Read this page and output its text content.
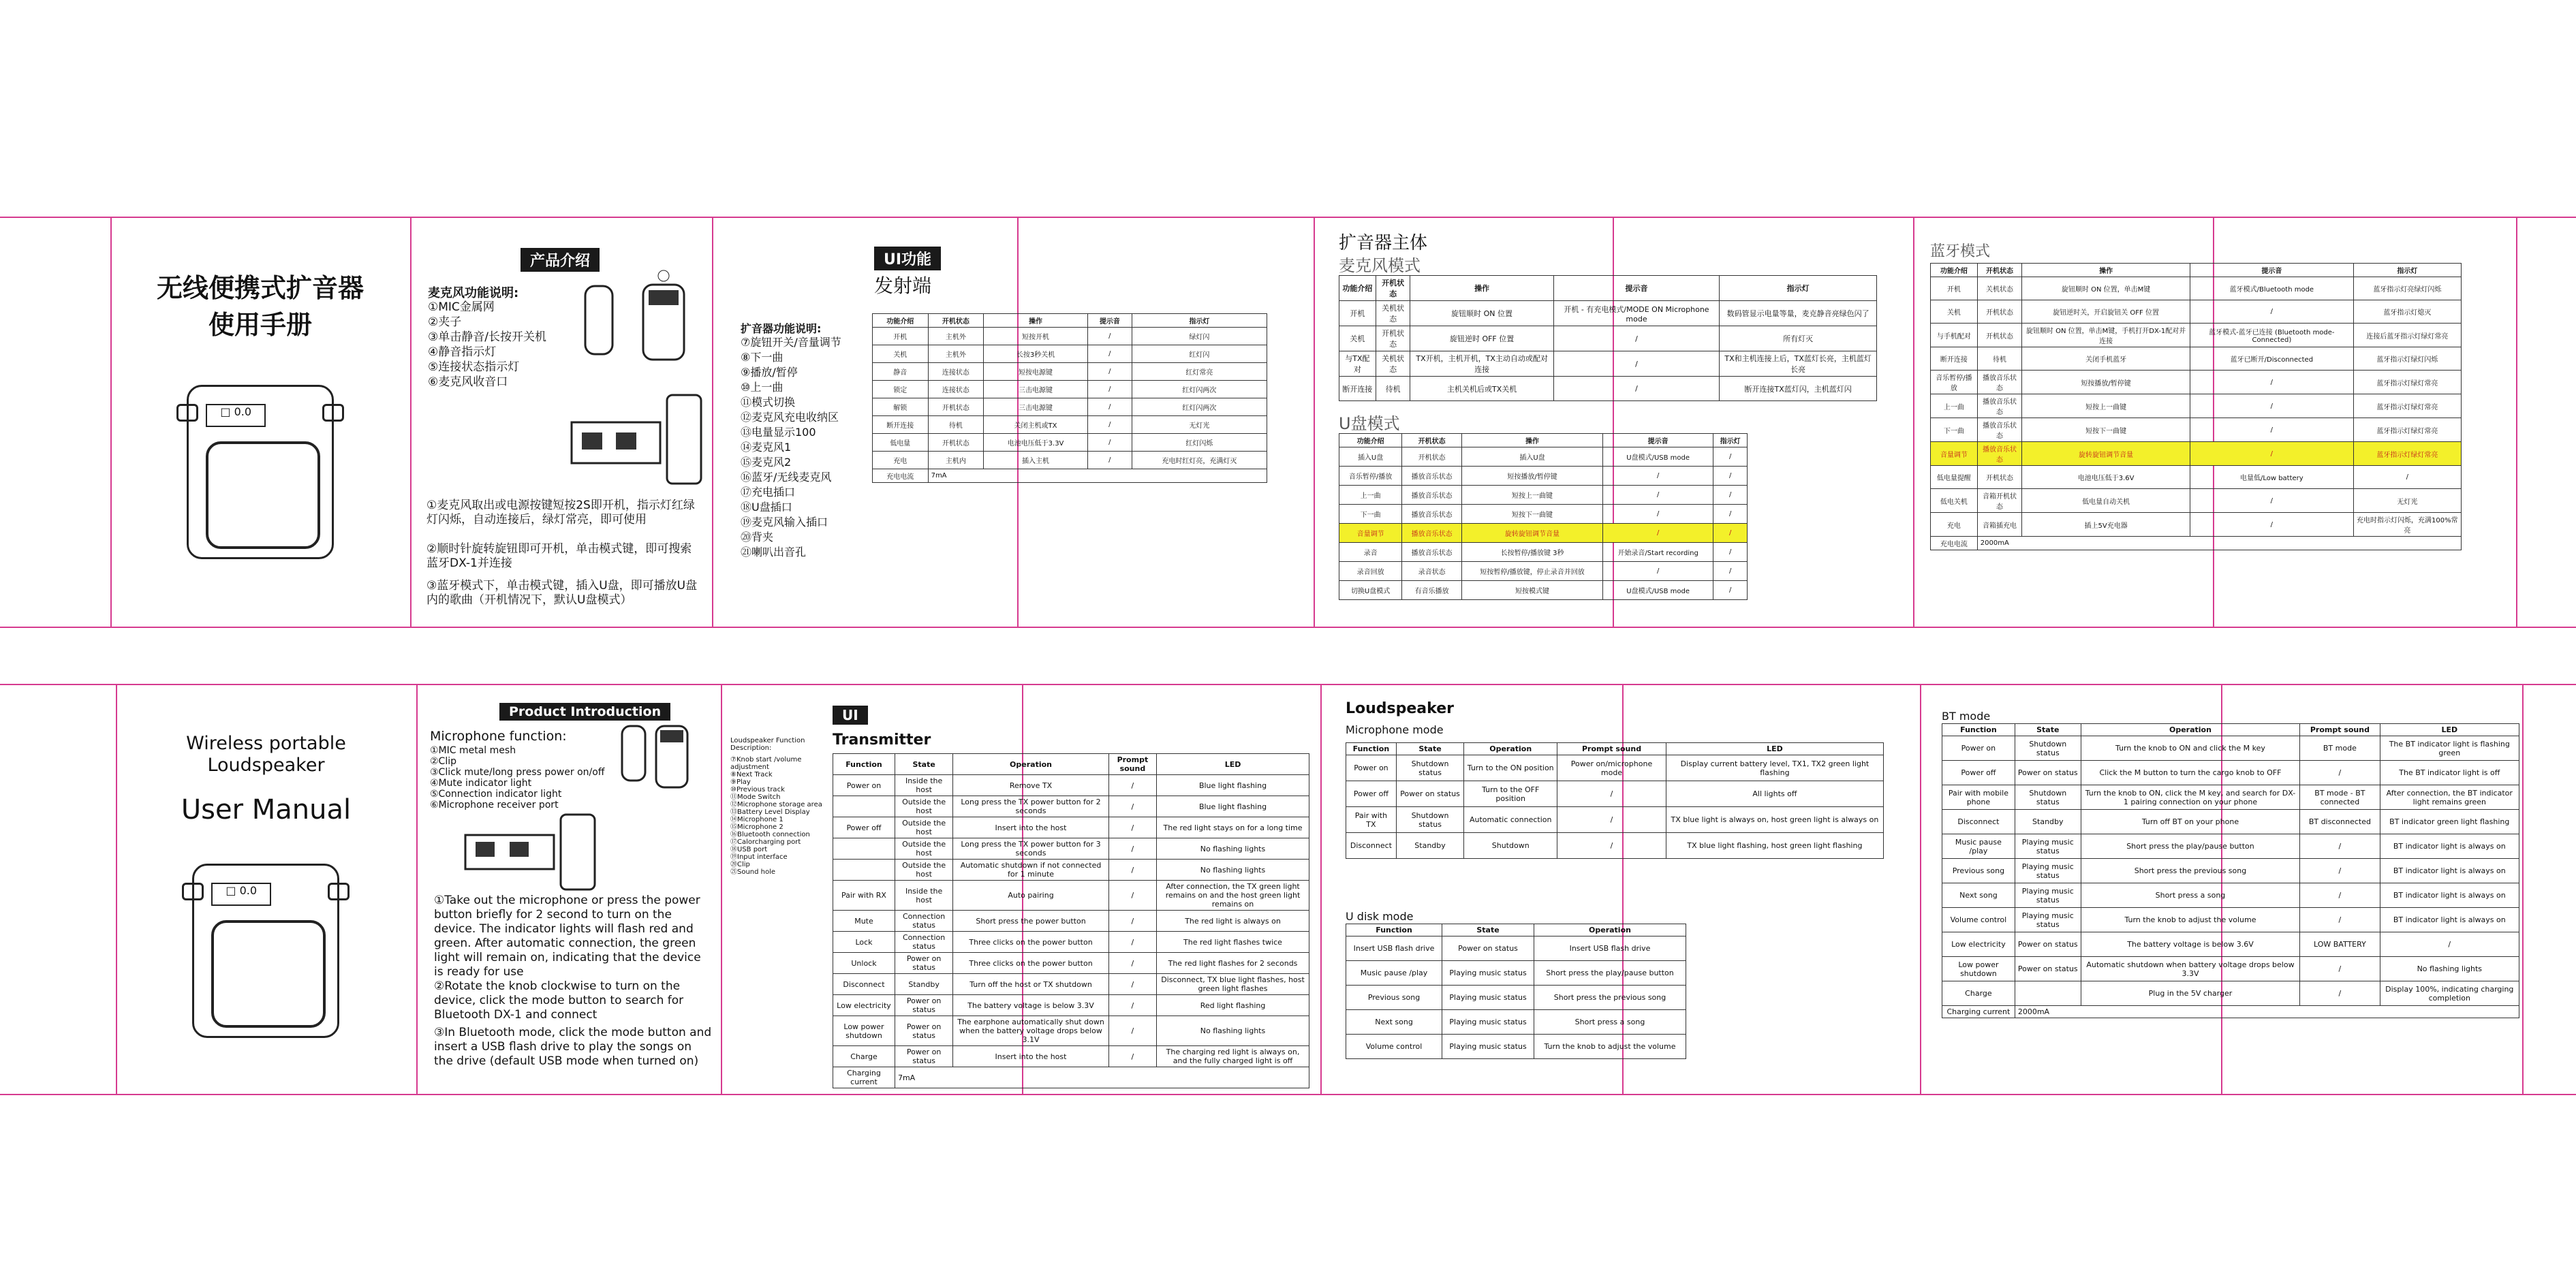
无线便携式扩音器
使用手册
□ 0.0
产品介绍
麦克风功能说明:
①MIC金属网
②夹子
③单击静音/长按开关机
④静音指示灯
⑤连接状态指示灯
⑥麦克风收音口
①麦克风取出或电源按键短按2S即开机，指示灯红绿灯闪烁，自动连接后，绿灯常亮，即可使用
②顺时针旋转旋钮即可开机，单击模式键，即可搜索蓝牙DX-1并连接
③蓝牙模式下，单击模式键，插入U盘，即可播放U盘内的歌曲（开机情况下，默认U盘模式）
UI功能
发射端
扩音器功能说明:
⑦旋钮开关/音量调节
⑧下一曲
⑨播放/暂停
⑩上一曲
⑪模式切换
⑫麦克风充电收纳区
⑬电量显示100
⑭麦克风1
⑮麦克风2
⑯蓝牙/无线麦克风
⑰充电插口
⑱U盘插口
⑲麦克风输入插口
⑳背夹
㉑喇叭出音孔
功能介绍	开机状态	操作	提示音	指示灯
开机	主机外	短按开机	/	绿灯闪
关机	主机外	长按3秒关机	/	红灯闪
静音	连接状态	短按电源键	/	红灯常亮
锁定	连接状态	三击电源键	/	红灯闪两次
解锁	开机状态	三击电源键	/	红灯闪两次
断开连接	待机	关闭主机或TX	/	无灯光
低电量	开机状态	电池电压低于3.3V	/	红灯闪烁
充电	主机内	插入主机	/	充电时红灯亮，充满灯灭
充电电流	7mA			
扩音器主体
麦克风模式
功能介绍	开机状态	操作	提示音	指示灯
开机	关机状态	旋钮顺时 ON 位置	开机 - 有充电模式/MODE ON Microphone mode	数码管显示电量等量，麦克静音亮绿色闪了
关机	开机状态	旋钮逆时 OFF 位置	/	所有灯灭
与TX配对	关机状态	TX开机，主机开机，TX主动自动或配对连接	/	TX和主机连接上后，TX蓝灯长亮，主机蓝灯长亮
断开连接	待机	主机关机后或TX关机	/	断开连接TX蓝灯闪，主机蓝灯闪
U盘模式
功能介绍	开机状态	操作	提示音	指示灯
插入U盘	开机状态	插入U盘	U盘模式/USB mode	/
音乐暂停/播放	播放音乐状态	短按播放/暂停键	/	/
上一曲	播放音乐状态	短按上一曲键	/	/
下一曲	播放音乐状态	短按下一曲键	/	/
音量调节	播放音乐状态	旋转旋钮调节音量	/	/
录音	播放音乐状态	长按暂停/播放键 3秒	开始录音/Start recording	/
录音回放	录音状态	短按暂停/播放键，停止录音并回放	/	/
切换U盘模式	有音乐播放	短按模式键	U盘模式/USB mode	/
蓝牙模式
功能介绍	开机状态	操作	提示音	指示灯
开机	关机状态	旋钮顺时 ON 位置，单击M键	蓝牙模式/Bluetooth mode	蓝牙指示灯亮绿灯闪烁
关机	开机状态	旋钮逆时关，开启旋钮关 OFF 位置	/	蓝牙指示灯熄灭
与手机配对	开机状态	旋钮顺时 ON 位置，单击M键，手机打开DX-1配对并连接	蓝牙模式-蓝牙已连接 (Bluetooth mode-Connected)	连接后蓝牙指示灯绿灯常亮
断开连接	待机	关闭手机蓝牙	蓝牙已断开/Disconnected	蓝牙指示灯绿灯闪烁
音乐暂停/播放	播放音乐状态	短按播放/暂停键	/	蓝牙指示灯绿灯常亮
上一曲	播放音乐状态	短按上一曲键	/	蓝牙指示灯绿灯常亮
下一曲	播放音乐状态	短按下一曲键	/	蓝牙指示灯绿灯常亮
音量调节	播放音乐状态	旋转旋钮调节音量	/	蓝牙指示灯绿灯常亮
低电量提醒	开机状态	电池电压低于3.6V	电量低/Low battery	/
低电关机	音箱开机状态	低电量自动关机	/	无灯光
充电	音箱插充电	插上5V充电器	/	充电时指示灯闪烁，充满100%常亮
充电电流	2000mA			
Wireless portable
Loudspeaker
User Manual
□ 0.0
Product Introduction
Microphone function:
①MIC metal mesh
②Clip
③Click mute/long press power on/off
④Mute indicator light
⑤Connection indicator light
⑥Microphone receiver port
①Take out the microphone or press the power button briefly for 2 second to turn on the device. The indicator lights will flash red and green. After automatic connection, the green light will remain on, indicating that the device is ready for use
②Rotate the knob clockwise to turn on the device, click the mode button to search for Bluetooth DX-1 and connect
③In Bluetooth mode, click the mode button and insert a USB flash drive to play the songs on the drive (default USB mode when turned on)
Loudspeaker Function Description:
⑦Knob start /volume adjustment
⑧Next Track
⑨Play
⑩Previous track
⑪Mode Switch
⑫Microphone storage area
⑬Battery Level Display
⑭Microphone 1
⑮Microphone 2
⑯Bluetooth connection
⑰Calorcharging port
⑱USB port
⑲Input interface
⑳Clip
㉑Sound hole
UI
Transmitter
Function	State	Operation	Prompt sound	LED
Power on	Inside the host	Remove TX	/	Blue light flashing
	Outside the host	Long press the TX power button for 2 seconds	/	Blue light flashing
Power off	Outside the host	Insert into the host	/	The red light stays on for a long time
	Outside the host	Long press the TX power button for 3 seconds	/	No flashing lights
	Outside the host	Automatic shutdown if not connected for 1 minute	/	No flashing lights
Pair with RX	Inside the host	Auto pairing	/	After connection, the TX green light remains on and the host green light remains on
Mute	Connection status	Short press the power button	/	The red light is always on
Lock	Connection status	Three clicks on the power button	/	The red light flashes twice
Unlock	Power on status	Three clicks on the power button	/	The red light flashes for 2 seconds
Disconnect	Standby	Turn off the host or TX shutdown	/	Disconnect, TX blue light flashes, host green light flashes
Low electricity	Power on status	The battery voltage is below 3.3V	/	Red light flashing
Low power shutdown	Power on status	The earphone automatically shut down when the battery voltage drops below 3.1V	/	No flashing lights
Charge	Power on status	Insert into the host	/	The charging red light is always on, and the fully charged light is off
Charging current	7mA			
Loudspeaker
Microphone mode
Function	State	Operation	Prompt sound	LED
Power on	Shutdown status	Turn to the ON position	Power on/microphone mode	Display current battery level, TX1, TX2 green light flashing
Power off	Power on status	Turn to the OFF position	/	All lights off
Pair with TX	Shutdown status	Automatic connection	/	TX blue light is always on, host green light is always on
Disconnect	Standby	Shutdown	/	TX blue light flashing, host green light flashing
U disk mode
Function	State	Operation
Insert USB flash drive	Power on status	Insert USB flash drive
Music pause /play	Playing music status	Short press the play/pause button
Previous song	Playing music status	Short press the previous song
Next song	Playing music status	Short press a song
Volume control	Playing music status	Turn the knob to adjust the volume
BT mode
Function	State	Operation	Prompt sound	LED
Power on	Shutdown status	Turn the knob to ON and click the M key	BT mode	The BT indicator light is flashing green
Power off	Power on status	Click the M button to turn the cargo knob to OFF	/	The BT indicator light is off
Pair with mobile phone	Shutdown status	Turn the knob to ON, click the M key, and search for DX-1 pairing connection on your phone	BT mode - BT connected	After connection, the BT indicator light remains green
Disconnect	Standby	Turn off BT on your phone	BT disconnected	BT indicator green light flashing
Music pause /play	Playing music status	Short press the play/pause button	/	BT indicator light is always on
Previous song	Playing music status	Short press the previous song	/	BT indicator light is always on
Next song	Playing music status	Short press a song	/	BT indicator light is always on
Volume control	Playing music status	Turn the knob to adjust the volume	/	BT indicator light is always on
Low electricity	Power on status	The battery voltage is below 3.6V	LOW BATTERY	/
Low power shutdown	Power on status	Automatic shutdown when battery voltage drops below 3.3V	/	No flashing lights
Charge		Plug in the 5V charger	/	Display 100%, indicating charging completion
Charging current	2000mA			
